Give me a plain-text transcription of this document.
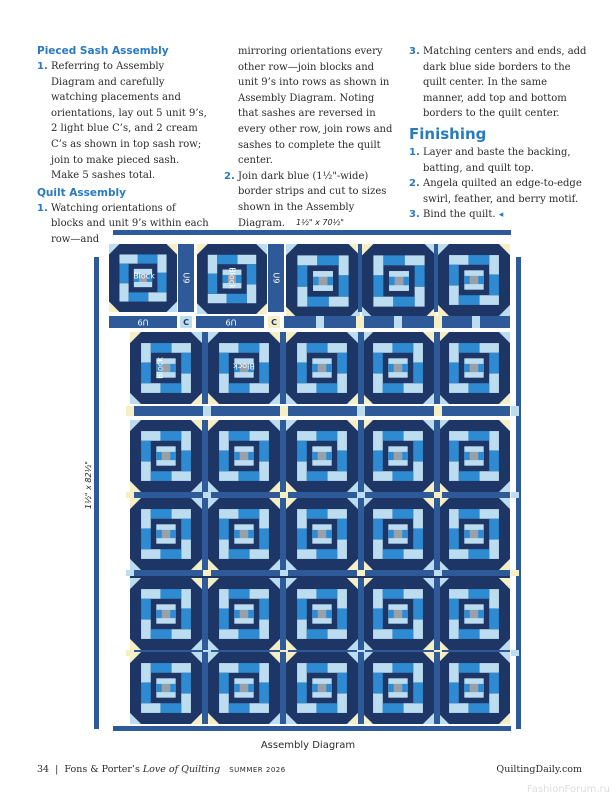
Pieced Sash Assembly

1. Referring to Assembly Diagram and carefully watching placements and orientations, lay out 5 unit 9’s, 2 light blue C’s, and 2 cream C’s as shown in top sash row; join to make pieced sash. Make 5 sashes total.

Quilt Assembly

1. Watching orientations of blocks and unit 9’s within each row—and

mirroring orientations every other row—join blocks and unit 9’s into rows as shown in Assembly Diagram. Noting that sashes are reversed in every other row, join rows and sashes to complete the quilt center.

2. Join dark blue (1½"-wide) border strips and cut to sizes shown in the Assembly Diagram.

3. Matching centers and ends, add dark blue side borders to the quilt center. In the same manner, add top and bottom borders to the quilt center.

Finishing

1. Layer and baste the backing, batting, and quilt top.

2. Angela quilted an edge-to-edge swirl, feather, and berry motif.

3. Bind the quilt. ◂

1½" x 70½"
1½" x 82½"
Block	U9	Block	U9
U9	C	U9	C
Block	Block
Assembly Diagram
34  |  Fons & Porter’s Love of Quilting SUMMER 2026	QuiltingDaily.com
FashionForum.ru
